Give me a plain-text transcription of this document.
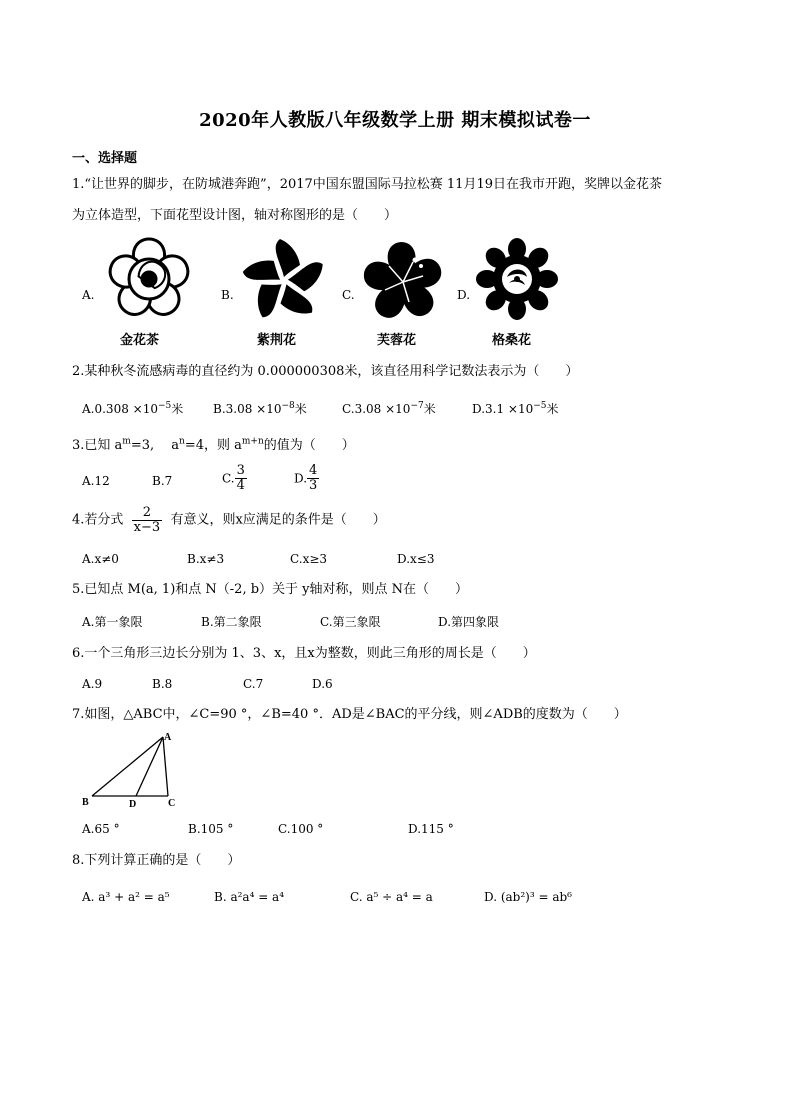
2020年人教版八年级数学上册 期末模拟试卷一
一、选择题
1.“让世界的脚步，在防城港奔跑”，2017中国东盟国际马拉松赛 11月19日在我市开跑，奖牌以金花茶
为立体造型，下面花型设计图，轴对称图形的是（　　）
A.	B.	C.	D.
金花茶	紫荆花	芙蓉花	格桑花
2.某种秋冬流感病毒的直径约为 0.000000308米，该直径用科学记数法表示为（　　）
$A.0.308 \times 10^{-5}$米 $B.3.08 \times 10^{-8}$米	$C.3.08 \times 10^{-7}$米	$D.3.1 \times 10^{-5}$米
3.已知 $a^m=3$,　 $a^n=4$，则 $a^{m+n}$的值为（　　）
A.12	B.7	C. $\frac{3}{4}$	D. $\frac{4}{3}$
4.若分式 $\frac{2}{x-3}$ 有意义，则x应满足的条件是（　　）
A.x≠0	B.x≠3	C.x≥3	D.x≤3
5.已知点 M(a, 1)和点 N（-2, b）关于 y轴对称，则点 N在（　　）
A.第一象限	B.第二象限	C.第三象限	D.第四象限
6.一个三角形三边长分别为 1、3、x，且x为整数，则此三角形的周长是（　　）
A.9	B.8	C.7	D.6
7.如图，△ABC中，∠C=90 °，∠B=40 °．AD是∠BAC的平分线，则∠ADB的度数为（　　）
A
B	C
D
A.65 °	B.105 °	C.100 °	D.115 °
8.下列计算正确的是（　　）
A. a³ + a² = a⁵	B. a²a⁴ = a⁴	C. a⁵ ÷ a⁴ = a	D. (ab²)³ = ab⁶
